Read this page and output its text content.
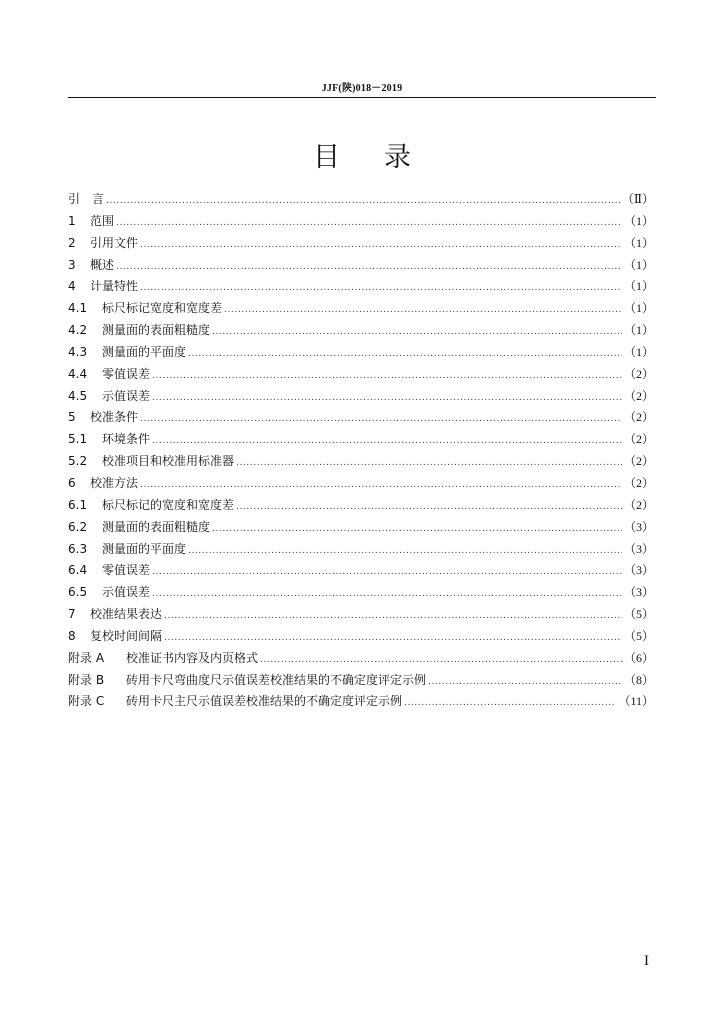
JJF(陕)018－2019
目录
引　言 .....	（Ⅱ）
1	范围 .....	（1）
2	引用文件 .....	（1）
3	概述 .....	（1）
4	计量特性 .....	（1）
4.1	标尺标记宽度和宽度差 .....	（1）
4.2	测量面的表面粗糙度 .....	（1）
4.3	测量面的平面度 .....	（1）
4.4	零值误差 .....	（2）
4.5	示值误差 .....	（2）
5	校准条件 .....	（2）
5.1	环境条件 .....	（2）
5.2	校准项目和校准用标准器 .....	（2）
6	校准方法 .....	（2）
6.1	标尺标记的宽度和宽度差 .....	（2）
6.2	测量面的表面粗糙度 .....	（3）
6.3	测量面的平面度 .....	（3）
6.4	零值误差 .....	（3）
6.5	示值误差 .....	（3）
7	校准结果表达 .....	（5）
8	复校时间间隔 .....	（5）
附录 A	校准证书内容及内页格式 .....	（6）
附录 B	砖用卡尺弯曲度尺示值误差校准结果的不确定度评定示例 .....	（8）
附录 C	砖用卡尺主尺示值误差校准结果的不确定度评定示例 .....	（11）
I
